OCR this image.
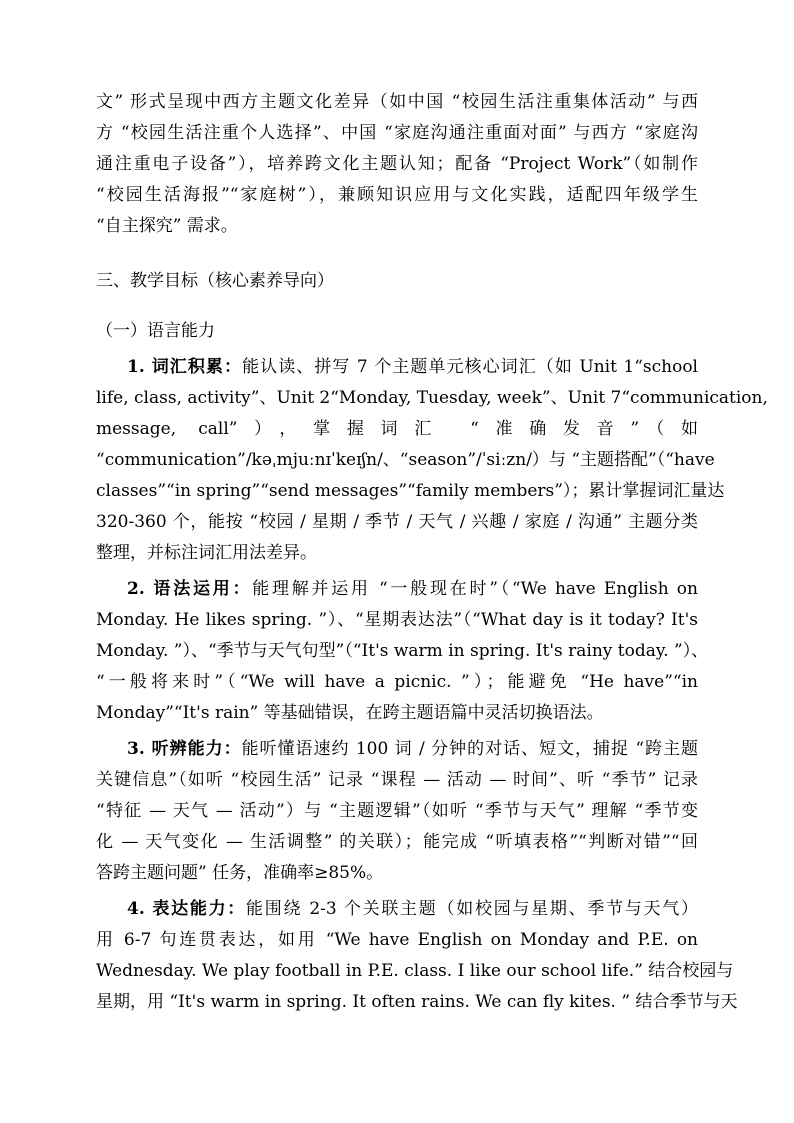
文” 形式呈现中西方主题文化差异（如中国 “校园生活注重集体活动” 与西
方 “校园生活注重个人选择”、中国 “家庭沟通注重面对面” 与西方 “家庭沟
通注重电子设备”），培养跨文化主题认知；配备 “Project Work”（如制作
“校园生活海报”“家庭树”），兼顾知识应用与文化实践，适配四年级学生
“自主探究” 需求。
三、教学目标（核心素养导向）
（一）语言能力
1. 词汇积累：能认读、拼写 7 个主题单元核心词汇（如 Unit 1“school
life, class, activity”、Unit 2“Monday, Tuesday, week”、Unit 7“communication,
message, call”），掌握词汇 “准确发音”（如
“communication”/kəˌmjuːnɪˈkeɪʃn/、“season”/ˈsiːzn/）与 “主题搭配”（“have
classes”“in spring”“send messages”“family members”）；累计掌握词汇量达
320-360 个，能按 “校园 / 星期 / 季节 / 天气 / 兴趣 / 家庭 / 沟通” 主题分类
整理，并标注词汇用法差异。
2. 语法运用：能理解并运用 “一般现在时”（“We have English on
Monday. He likes spring. ”）、“星期表达法”（“What day is it today? It's
Monday. ”）、“季节与天气句型”（“It's warm in spring. It's rainy today. ”）、
“一般将来时”（“We will have a picnic. ”）；能避免 “He have”“in
Monday”“It's rain” 等基础错误，在跨主题语篇中灵活切换语法。
3. 听辨能力：能听懂语速约 100 词 / 分钟的对话、短文，捕捉 “跨主题
关键信息”（如听 “校园生活” 记录 “课程 — 活动 — 时间”、听 “季节” 记录
“特征 — 天气 — 活动”）与 “主题逻辑”（如听 “季节与天气” 理解 “季节变
化 — 天气变化 — 生活调整” 的关联）；能完成 “听填表格”“判断对错”“回
答跨主题问题” 任务，准确率≥85%。
4. 表达能力：能围绕 2-3 个关联主题（如校园与星期、季节与天气）
用 6-7 句连贯表达，如用 “We have English on Monday and P.E. on
Wednesday. We play football in P.E. class. I like our school life.” 结合校园与
星期，用 “It's warm in spring. It often rains. We can fly kites. ” 结合季节与天
